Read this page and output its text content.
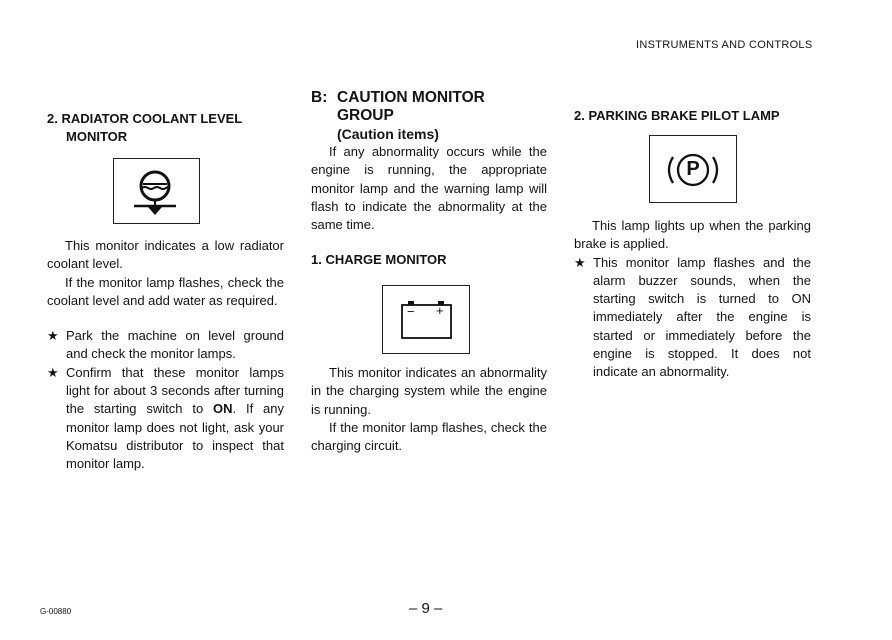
INSTRUMENTS AND CONTROLS

2. RADIATOR COOLANT LEVEL

MONITOR

This monitor indicates a low radiator coolant level.

If the monitor lamp flashes, check the coolant level and add water as required.

★ Park the machine on level ground and check the monitor lamps.
★ Confirm that these monitor lamps light for about 3 seconds after turning the starting switch to ON. If any monitor lamp does not light, ask your Komatsu distributor to inspect that monitor lamp.
B: CAUTION MONITOR

GROUP

(Caution items)

If any abnormality occurs while the engine is running, the appropriate monitor lamp and the warning lamp will flash to indicate the abnormality at the same time.

1. CHARGE MONITOR

− +

This monitor indicates an abnormality in the charging system while the engine is running.

If the monitor lamp flashes, check the charging circuit.

2. PARKING BRAKE PILOT LAMP

P

This lamp lights up when the parking brake is applied.

★ This monitor lamp flashes and the alarm buzzer sounds, when the starting switch is turned to ON immediately after the engine is started or immediately before the engine is stopped. It does not indicate an abnormality.
G-00880	– 9 –
